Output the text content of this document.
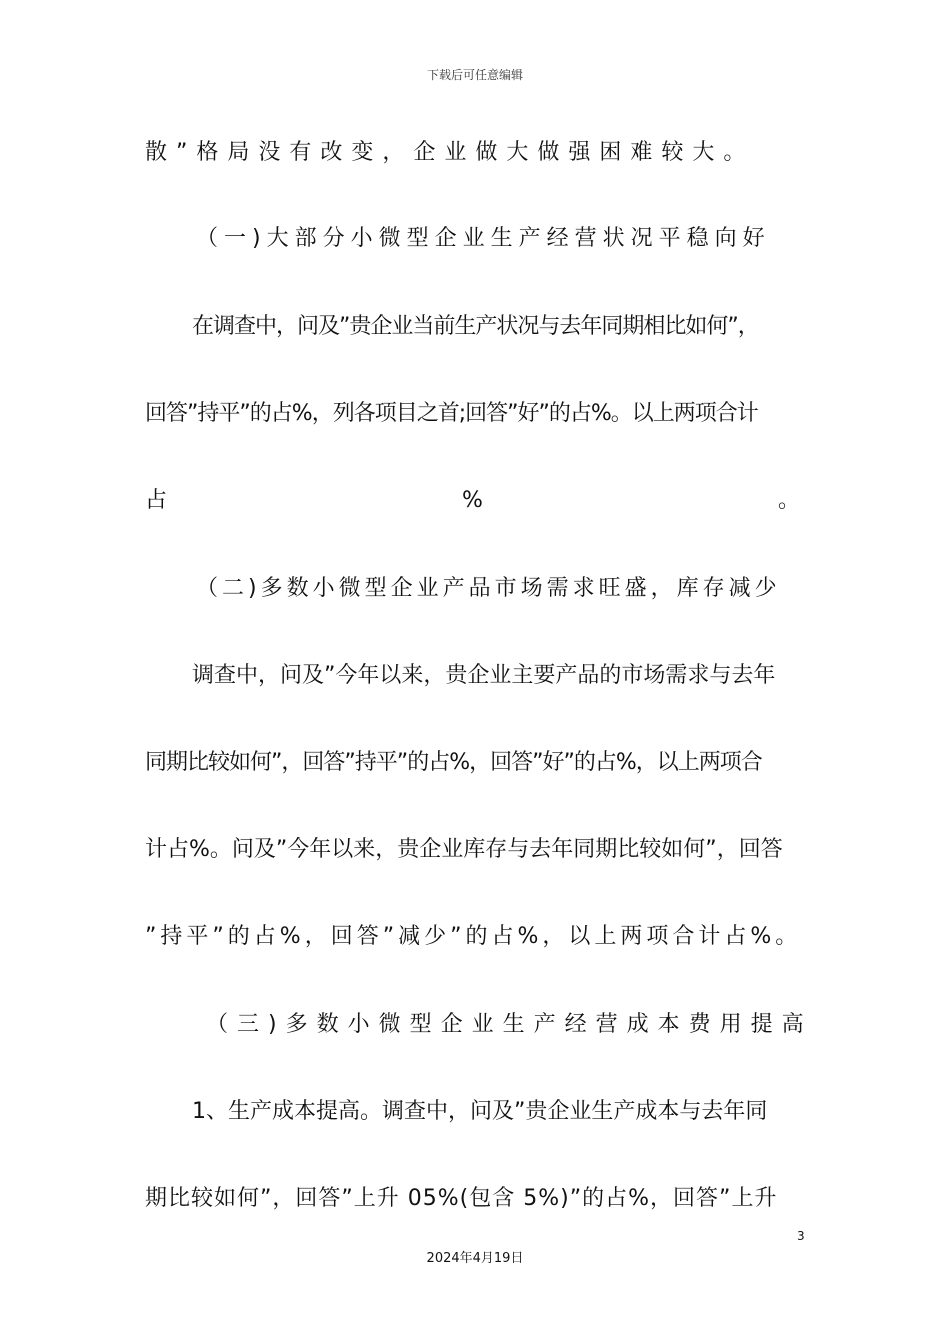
下载后可任意编辑
散”格局没有改变，企业做大做强困难较大。
（一)大部分小微型企业生产经营状况平稳向好
在调查中，问及”贵企业当前生产状况与去年同期相比如何”，
回答”持平”的占%，列各项目之首;回答”好”的占%。以上两项合计
占	%	。
（二)多数小微型企业产品市场需求旺盛，库存减少
调查中，问及”今年以来，贵企业主要产品的市场需求与去年
同期比较如何”，回答”持平”的占%，回答”好”的占%，以上两项合
计占%。问及”今年以来，贵企业库存与去年同期比较如何”，回答
”持平”的占%，回答”减少”的占%，以上两项合计占%。
（三)多数小微型企业生产经营成本费用提高
1、生产成本提高。调查中，问及”贵企业生产成本与去年同
期比较如何”，回答”上升 05%(包含 5%)”的占%，回答”上升
3
2024年4月19日
